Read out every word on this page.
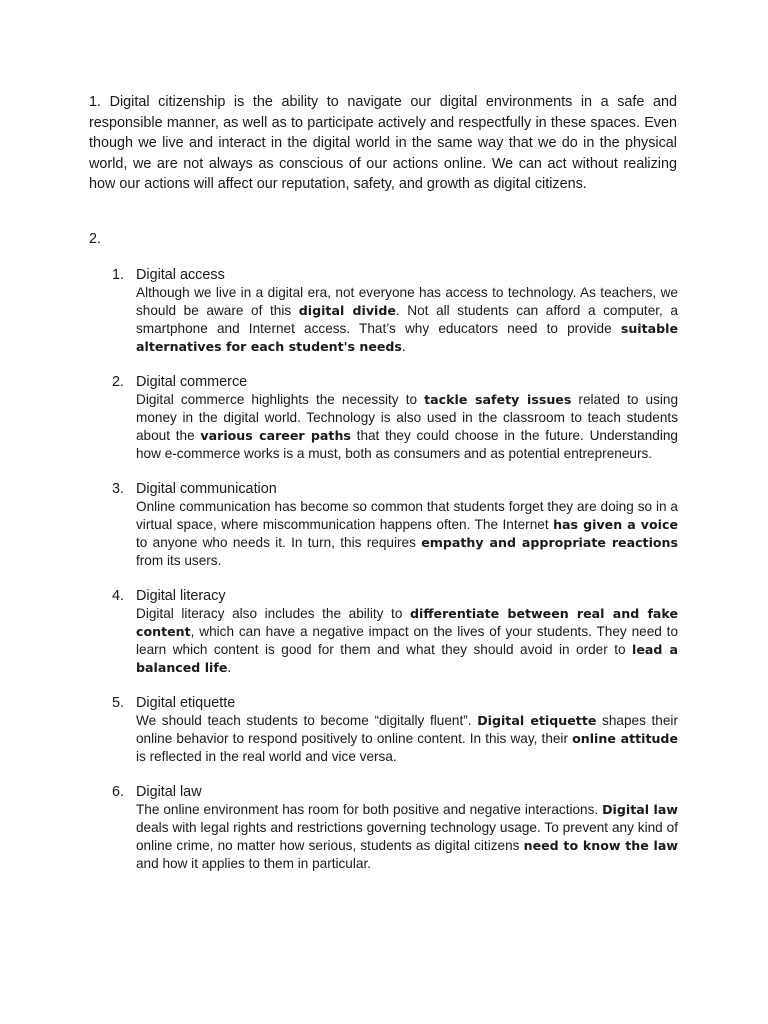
1. Digital citizenship is the ability to navigate our digital environments in a safe and responsible manner, as well as to participate actively and respectfully in these spaces. Even though we live and interact in the digital world in the same way that we do in the physical world, we are not always as conscious of our actions online. We can act without realizing how our actions will affect our reputation, safety, and growth as digital citizens.

2.

1. Digital access

Although we live in a digital era, not everyone has access to technology. As teachers, we should be aware of this digital divide. Not all students can afford a computer, a smartphone and Internet access. That’s why educators need to provide suitable alternatives for each student's needs.

2. Digital commerce

Digital commerce highlights the necessity to tackle safety issues related to using money in the digital world. Technology is also used in the classroom to teach students about the various career paths that they could choose in the future. Understanding how e-commerce works is a must, both as consumers and as potential entrepreneurs.

3. Digital communication

Online communication has become so common that students forget they are doing so in a virtual space, where miscommunication happens often. The Internet has given a voice to anyone who needs it. In turn, this requires empathy and appropriate reactions from its users.

4. Digital literacy

Digital literacy also includes the ability to differentiate between real and fake content, which can have a negative impact on the lives of your students. They need to learn which content is good for them and what they should avoid in order to lead a balanced life.

5. Digital etiquette

We should teach students to become “digitally fluent”. Digital etiquette shapes their online behavior to respond positively to online content. In this way, their online attitude is reflected in the real world and vice versa.

6. Digital law

The online environment has room for both positive and negative interactions. Digital law deals with legal rights and restrictions governing technology usage. To prevent any kind of online crime, no matter how serious, students as digital citizens need to know the law and how it applies to them in particular.
